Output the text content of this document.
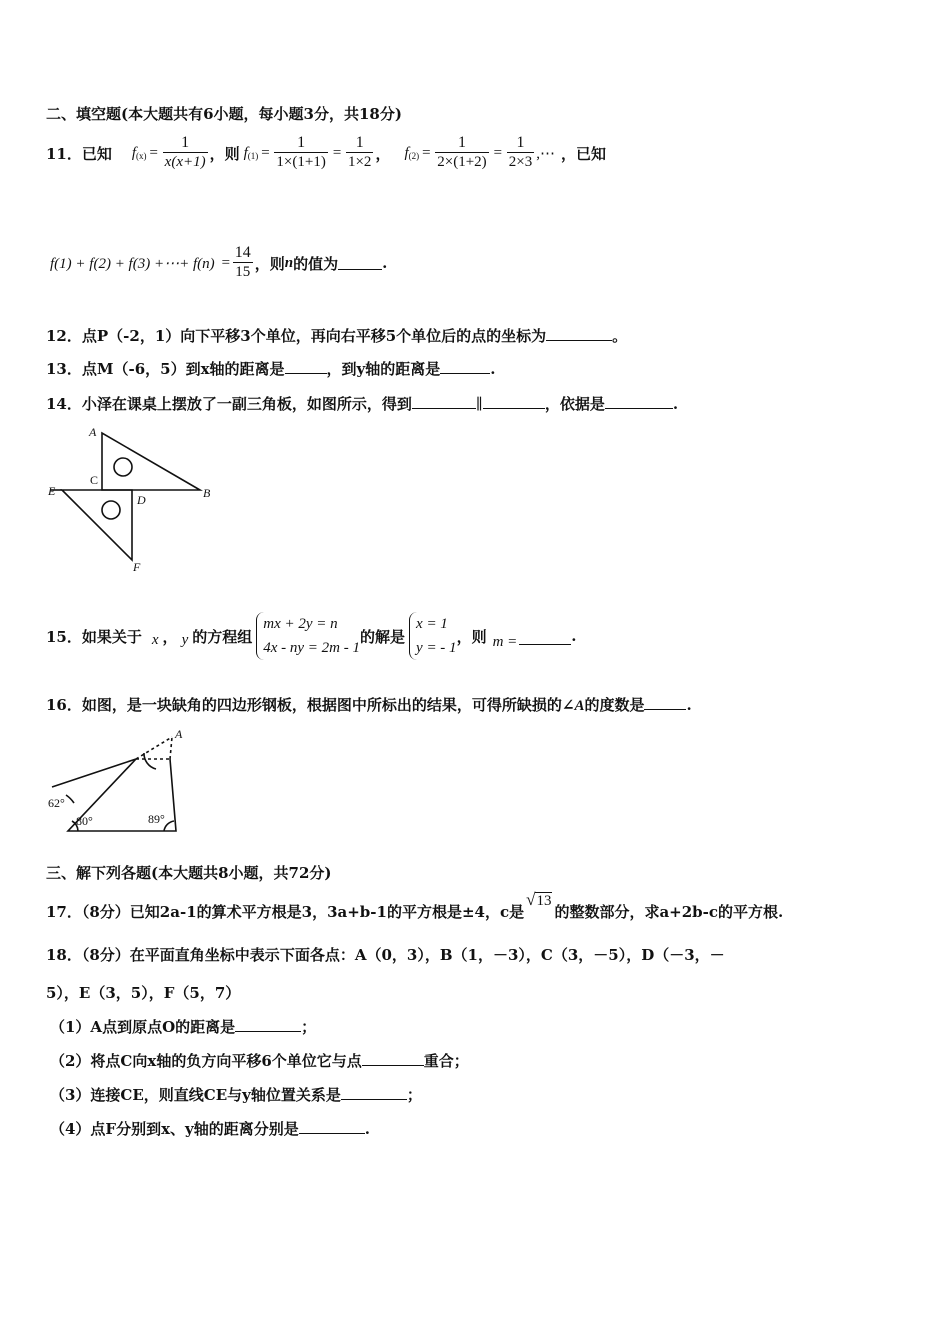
二、填空题(本大题共有6小题，每小题3分，共18分)
11．已知 $f_{(x)} = \frac{1}{x(x+1)}$ ，则 $f_{(1)} = \frac{1}{1\times(1+1)} = \frac{1}{1\times 2}$ ， $f_{(2)} = \frac{1}{2\times(1+2)} = \frac{1}{2\times 3}$ ,⋯ ，已知
f(1) + f(2) + f(3) +⋯+ $f(n) = \frac{14}{15}$ ，则 n 的值为	.
12．点P（-2，1）向下平移3个单位，再向右平移5个单位后的点的坐标为	。
13．点M（-6，5）到x轴的距离是	，到y轴的距离是	.
14．小泽在课桌上摆放了一副三角板，如图所示，得到	∥	，依据是	.
A
C
E
D	B
F
15．如果关于 x ， y 的方程组
mx + 2y = n
4x - ny = 2m - 1
的解是
x = 1
y = - 1
，则 m =	.
16．如图，是一块缺角的四边形钢板，根据图中所标出的结果，可得所缺损的∠A的度数是	.
A
62°
80°	89°
三、解下列各题(本大题共8小题，共72分)
17．（8分）已知2a-1的算术平方根是3，3a+b-1的平方根是±4，c是
√ 13
的整数部分，求a+2b-c的平方根.
18．（8分）在平面直角坐标中表示下面各点：A（0，3），B（1，－3），C（3，－5），D（－3，－
5），E（3，5），F（5，7）
（1）A点到原点O的距离是	；
（2）将点C向x轴的负方向平移6个单位它与点	重合；
（3）连接CE，则直线CE与y轴位置关系是	；
（4）点F分别到x、y轴的距离分别是	.
